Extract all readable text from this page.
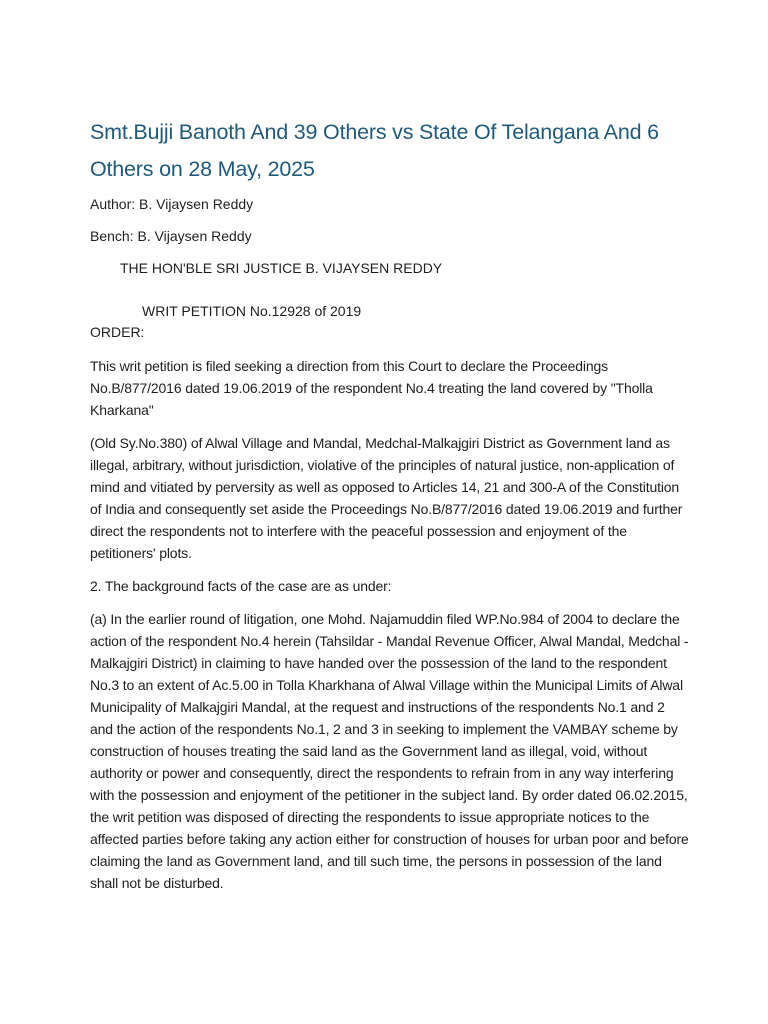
Smt.Bujji Banoth And 39 Others vs State Of Telangana And 6 Others on 28 May, 2025

Author: B. Vijaysen Reddy

Bench: B. Vijaysen Reddy

THE HON'BLE SRI JUSTICE B. VIJAYSEN REDDY

WRIT PETITION No.12928 of 2019

ORDER:

This writ petition is filed seeking a direction from this Court to declare the Proceedings No.B/877/2016 dated 19.06.2019 of the respondent No.4 treating the land covered by "Tholla Kharkana"

(Old Sy.No.380) of Alwal Village and Mandal, Medchal-Malkajgiri District as Government land as illegal, arbitrary, without jurisdiction, violative of the principles of natural justice, non-application of mind and vitiated by perversity as well as opposed to Articles 14, 21 and 300-A of the Constitution of India and consequently set aside the Proceedings No.B/877/2016 dated 19.06.2019 and further direct the respondents not to interfere with the peaceful possession and enjoyment of the petitioners' plots.

2. The background facts of the case are as under:

(a) In the earlier round of litigation, one Mohd. Najamuddin filed WP.No.984 of 2004 to declare the action of the respondent No.4 herein (Tahsildar - Mandal Revenue Officer, Alwal Mandal, Medchal - Malkajgiri District) in claiming to have handed over the possession of the land to the respondent No.3 to an extent of Ac.5.00 in Tolla Kharkhana of Alwal Village within the Municipal Limits of Alwal Municipality of Malkajgiri Mandal, at the request and instructions of the respondents No.1 and 2 and the action of the respondents No.1, 2 and 3 in seeking to implement the VAMBAY scheme by construction of houses treating the said land as the Government land as illegal, void, without authority or power and consequently, direct the respondents to refrain from in any way interfering with the possession and enjoyment of the petitioner in the subject land. By order dated 06.02.2015, the writ petition was disposed of directing the respondents to issue appropriate notices to the affected parties before taking any action either for construction of houses for urban poor and before claiming the land as Government land, and till such time, the persons in possession of the land shall not be disturbed.
